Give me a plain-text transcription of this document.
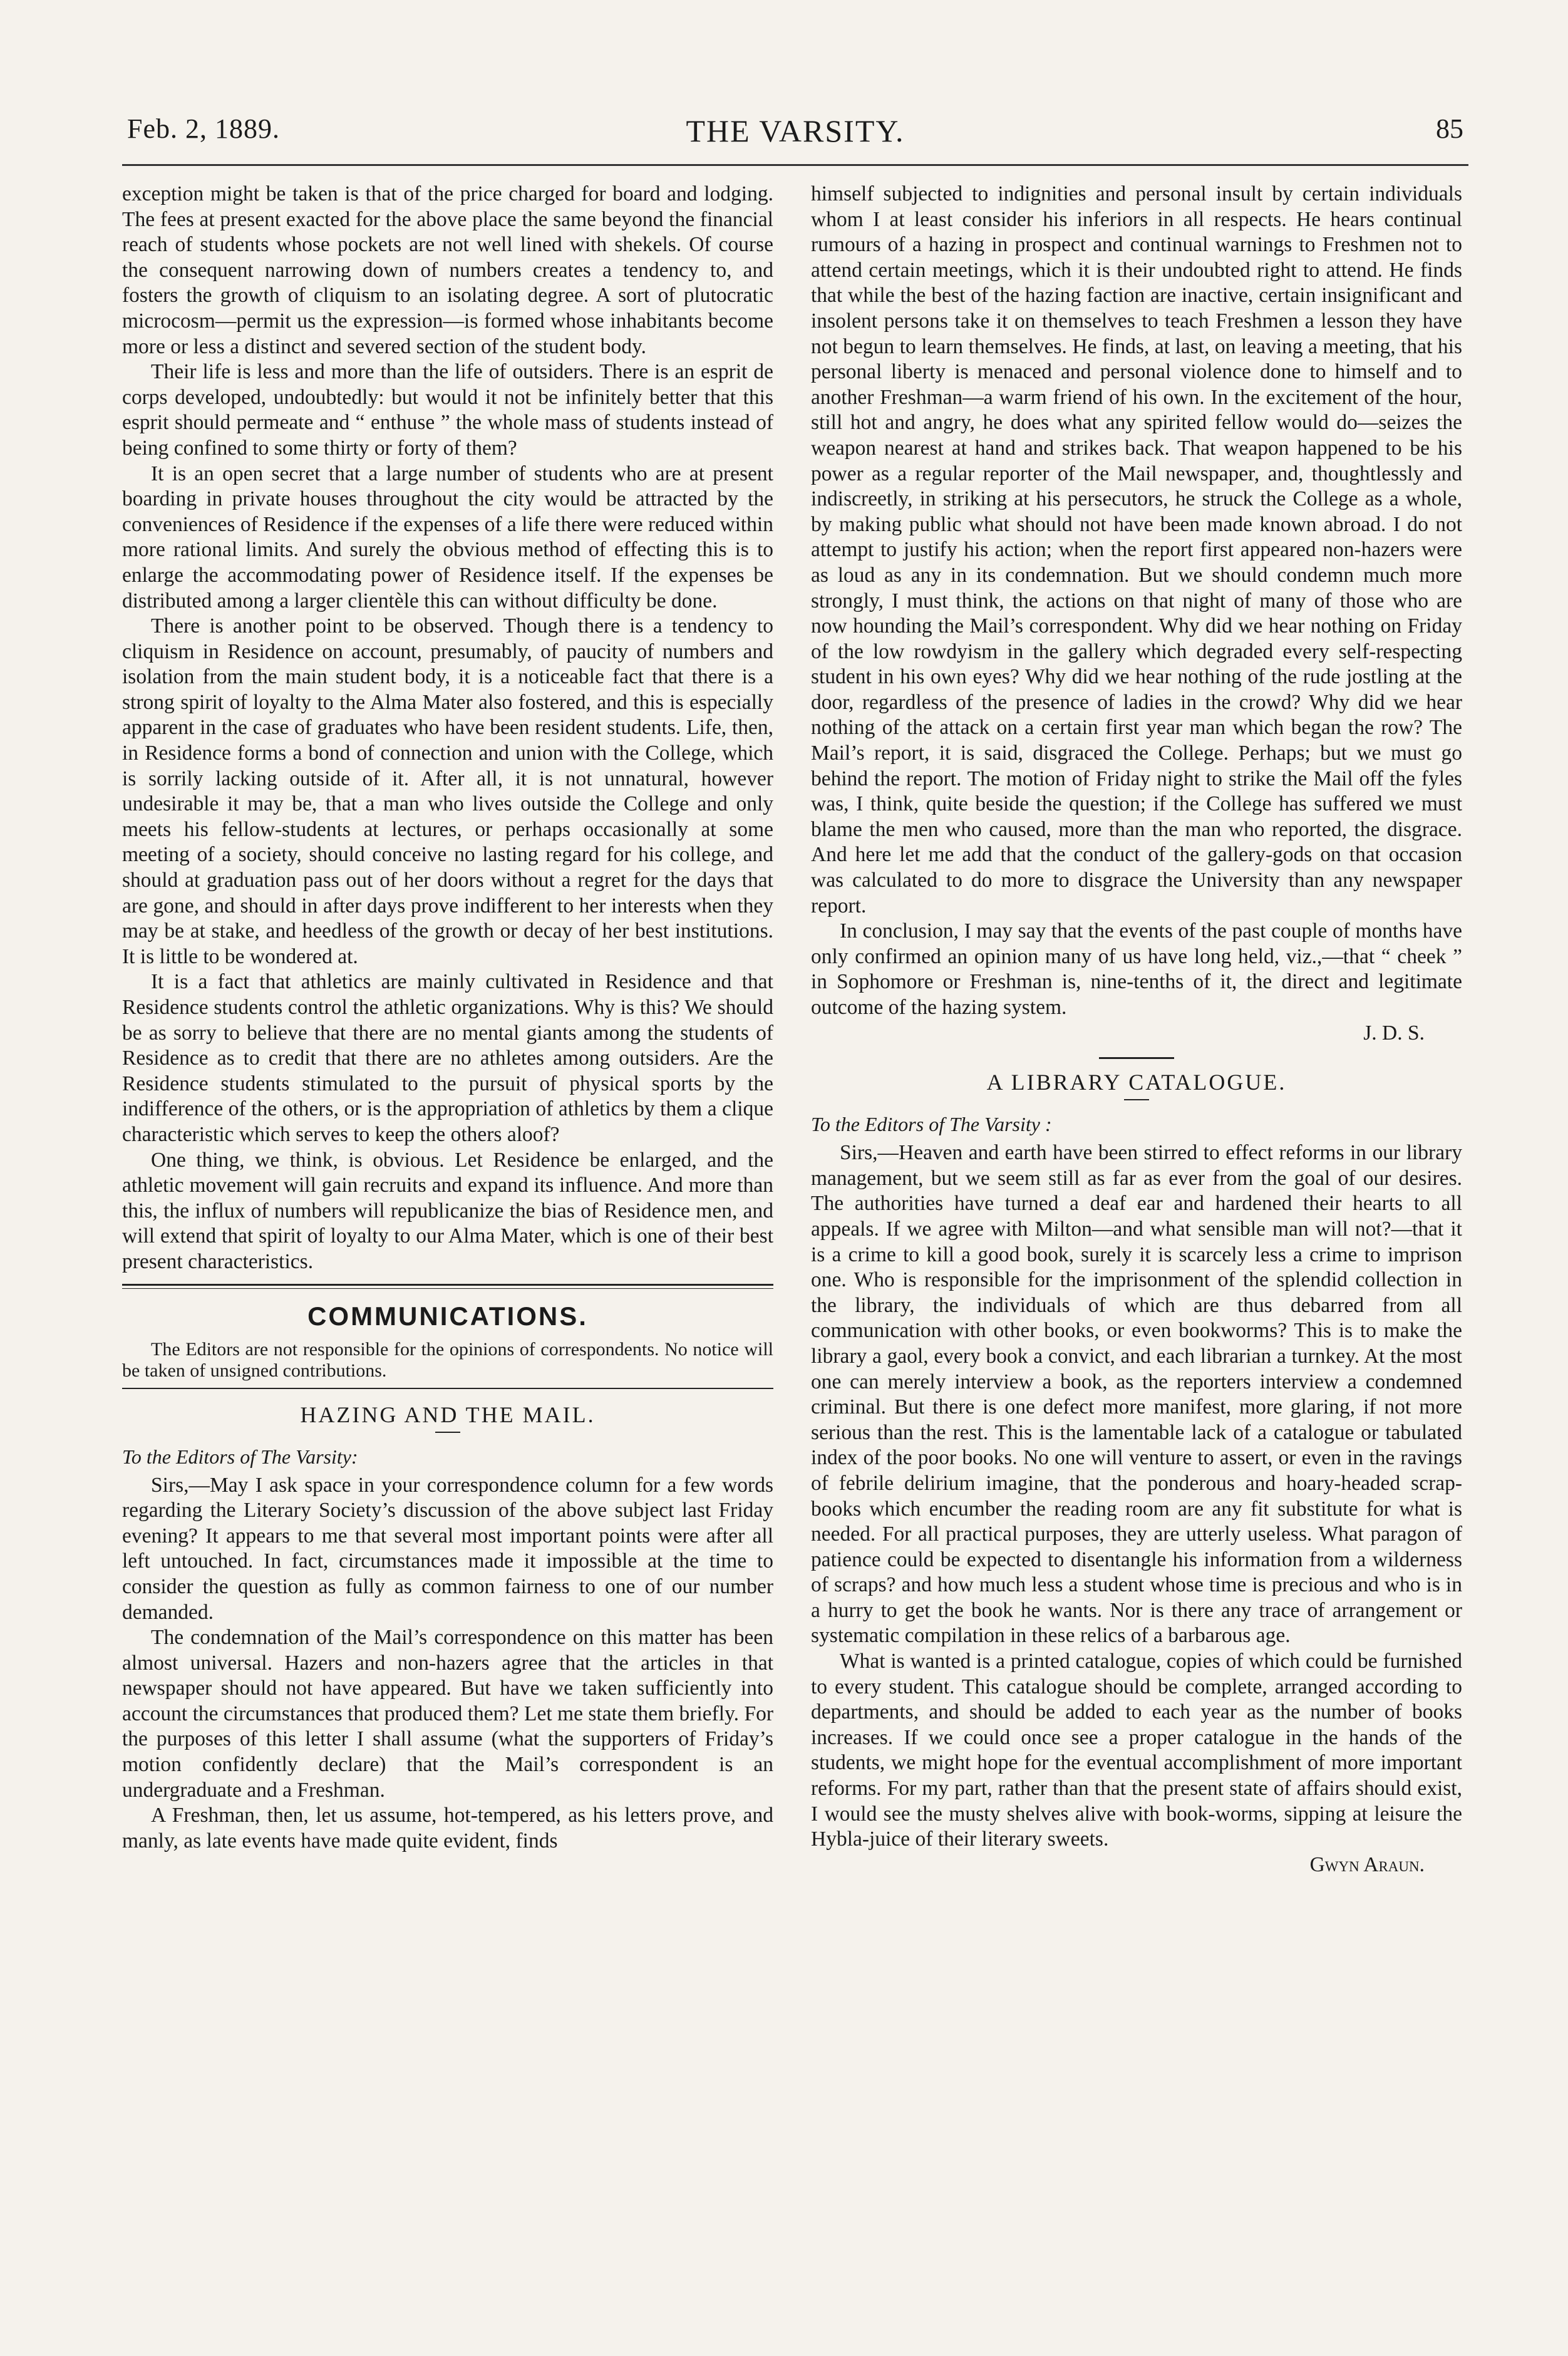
Feb. 2, 1889.	THE VARSITY.	85

exception might be taken is that of the price charged for board and lodging. The fees at present exacted for the above place the same beyond the financial reach of students whose pockets are not well lined with shekels. Of course the consequent narrowing down of numbers creates a tendency to, and fosters the growth of cliquism to an isolating degree. A sort of plutocratic microcosm—permit us the expression—is formed whose inhabitants become more or less a distinct and severed section of the student body.

Their life is less and more than the life of outsiders. There is an esprit de corps developed, undoubtedly: but would it not be infinitely better that this esprit should permeate and “ enthuse ” the whole mass of students instead of being confined to some thirty or forty of them?

It is an open secret that a large number of students who are at present boarding in private houses throughout the city would be attracted by the conveniences of Residence if the expenses of a life there were reduced within more rational limits. And surely the obvious method of effecting this is to enlarge the accommodating power of Residence itself. If the expenses be distributed among a larger clientèle this can without difficulty be done.

There is another point to be observed. Though there is a tendency to cliquism in Residence on account, presumably, of paucity of numbers and isolation from the main student body, it is a noticeable fact that there is a strong spirit of loyalty to the Alma Mater also fostered, and this is especially apparent in the case of graduates who have been resident students. Life, then, in Residence forms a bond of connection and union with the College, which is sorrily lacking outside of it. After all, it is not unnatural, however undesirable it may be, that a man who lives outside the College and only meets his fellow-students at lectures, or perhaps occasionally at some meeting of a society, should conceive no lasting regard for his college, and should at graduation pass out of her doors without a regret for the days that are gone, and should in after days prove indifferent to her interests when they may be at stake, and heedless of the growth or decay of her best institutions. It is little to be wondered at.

It is a fact that athletics are mainly cultivated in Residence and that Residence students control the athletic organizations. Why is this? We should be as sorry to believe that there are no mental giants among the students of Residence as to credit that there are no athletes among outsiders. Are the Residence students stimulated to the pursuit of physical sports by the indifference of the others, or is the appropriation of athletics by them a clique characteristic which serves to keep the others aloof?

One thing, we think, is obvious. Let Residence be enlarged, and the athletic movement will gain recruits and expand its influence. And more than this, the influx of numbers will republicanize the bias of Residence men, and will extend that spirit of loyalty to our Alma Mater, which is one of their best present characteristics.

COMMUNICATIONS.

The Editors are not responsible for the opinions of correspondents. No notice will be taken of unsigned contributions.

HAZING AND THE MAIL.

To the Editors of The Varsity:

Sirs,—May I ask space in your correspondence column for a few words regarding the Literary Society’s discussion of the above subject last Friday evening? It appears to me that several most important points were after all left untouched. In fact, circumstances made it impossible at the time to consider the question as fully as common fairness to one of our number demanded.

The condemnation of the Mail’s correspondence on this matter has been almost universal. Hazers and non-hazers agree that the articles in that newspaper should not have appeared. But have we taken sufficiently into account the circumstances that produced them? Let me state them briefly. For the purposes of this letter I shall assume (what the supporters of Friday’s motion confidently declare) that the Mail’s correspondent is an undergraduate and a Freshman.

A Freshman, then, let us assume, hot-tempered, as his letters prove, and manly, as late events have made quite evident, finds

himself subjected to indignities and personal insult by certain individuals whom I at least consider his inferiors in all respects. He hears continual rumours of a hazing in prospect and continual warnings to Freshmen not to attend certain meetings, which it is their undoubted right to attend. He finds that while the best of the hazing faction are inactive, certain insignificant and insolent persons take it on themselves to teach Freshmen a lesson they have not begun to learn themselves. He finds, at last, on leaving a meeting, that his personal liberty is menaced and personal violence done to himself and to another Freshman—a warm friend of his own. In the excitement of the hour, still hot and angry, he does what any spirited fellow would do—seizes the weapon nearest at hand and strikes back. That weapon happened to be his power as a regular reporter of the Mail newspaper, and, thoughtlessly and indiscreetly, in striking at his persecutors, he struck the College as a whole, by making public what should not have been made known abroad. I do not attempt to justify his action; when the report first appeared non-hazers were as loud as any in its condemnation. But we should condemn much more strongly, I must think, the actions on that night of many of those who are now hounding the Mail’s correspondent. Why did we hear nothing on Friday of the low rowdyism in the gallery which degraded every self-respecting student in his own eyes? Why did we hear nothing of the rude jostling at the door, regardless of the presence of ladies in the crowd? Why did we hear nothing of the attack on a certain first year man which began the row? The Mail’s report, it is said, disgraced the College. Perhaps; but we must go behind the report. The motion of Friday night to strike the Mail off the fyles was, I think, quite beside the question; if the College has suffered we must blame the men who caused, more than the man who reported, the disgrace. And here let me add that the conduct of the gallery-gods on that occasion was calculated to do more to disgrace the University than any newspaper report.

In conclusion, I may say that the events of the past couple of months have only confirmed an opinion many of us have long held, viz.,—that “ cheek ” in Sophomore or Freshman is, nine-tenths of it, the direct and legitimate outcome of the hazing system.

J. D. S.

A LIBRARY CATALOGUE.

To the Editors of The Varsity :

Sirs,—Heaven and earth have been stirred to effect reforms in our library management, but we seem still as far as ever from the goal of our desires. The authorities have turned a deaf ear and hardened their hearts to all appeals. If we agree with Milton—and what sensible man will not?—that it is a crime to kill a good book, surely it is scarcely less a crime to imprison one. Who is responsible for the imprisonment of the splendid collection in the library, the individuals of which are thus debarred from all communication with other books, or even bookworms? This is to make the library a gaol, every book a convict, and each librarian a turnkey. At the most one can merely interview a book, as the reporters interview a condemned criminal. But there is one defect more manifest, more glaring, if not more serious than the rest. This is the lamentable lack of a catalogue or tabulated index of the poor books. No one will venture to assert, or even in the ravings of febrile delirium imagine, that the ponderous and hoary-headed scrap-books which encumber the reading room are any fit substitute for what is needed. For all practical purposes, they are utterly useless. What paragon of patience could be expected to disentangle his information from a wilderness of scraps? and how much less a student whose time is precious and who is in a hurry to get the book he wants. Nor is there any trace of arrangement or systematic compilation in these relics of a barbarous age.

What is wanted is a printed catalogue, copies of which could be furnished to every student. This catalogue should be complete, arranged according to departments, and should be added to each year as the number of books increases. If we could once see a proper catalogue in the hands of the students, we might hope for the eventual accomplishment of more important reforms. For my part, rather than that the present state of affairs should exist, I would see the musty shelves alive with book-worms, sipping at leisure the Hybla-juice of their literary sweets.

Gwyn Araun.
